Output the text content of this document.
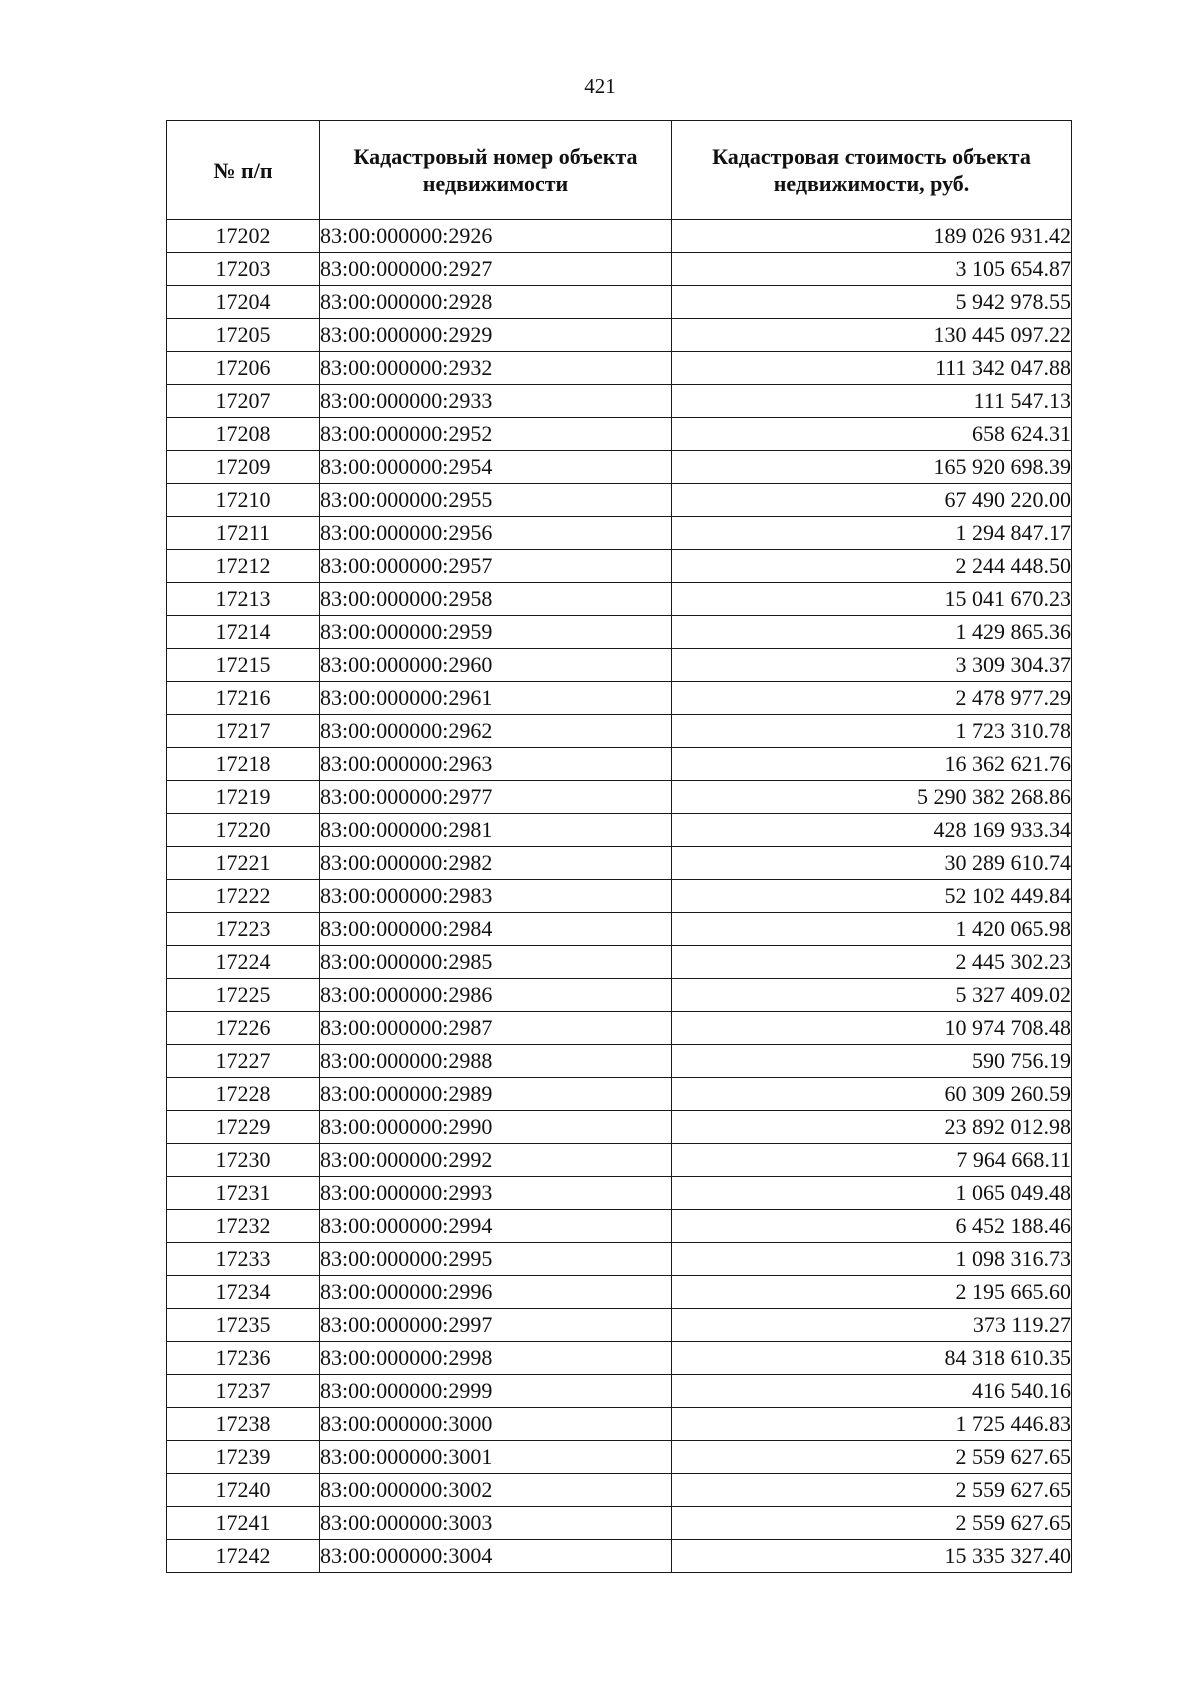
421
№ п/п	Кадастровый номер объекта недвижимости	Кадастровая стоимость объекта недвижимости, руб.
17202	83:00:000000:2926	189 026 931.42
17203	83:00:000000:2927	3 105 654.87
17204	83:00:000000:2928	5 942 978.55
17205	83:00:000000:2929	130 445 097.22
17206	83:00:000000:2932	111 342 047.88
17207	83:00:000000:2933	111 547.13
17208	83:00:000000:2952	658 624.31
17209	83:00:000000:2954	165 920 698.39
17210	83:00:000000:2955	67 490 220.00
17211	83:00:000000:2956	1 294 847.17
17212	83:00:000000:2957	2 244 448.50
17213	83:00:000000:2958	15 041 670.23
17214	83:00:000000:2959	1 429 865.36
17215	83:00:000000:2960	3 309 304.37
17216	83:00:000000:2961	2 478 977.29
17217	83:00:000000:2962	1 723 310.78
17218	83:00:000000:2963	16 362 621.76
17219	83:00:000000:2977	5 290 382 268.86
17220	83:00:000000:2981	428 169 933.34
17221	83:00:000000:2982	30 289 610.74
17222	83:00:000000:2983	52 102 449.84
17223	83:00:000000:2984	1 420 065.98
17224	83:00:000000:2985	2 445 302.23
17225	83:00:000000:2986	5 327 409.02
17226	83:00:000000:2987	10 974 708.48
17227	83:00:000000:2988	590 756.19
17228	83:00:000000:2989	60 309 260.59
17229	83:00:000000:2990	23 892 012.98
17230	83:00:000000:2992	7 964 668.11
17231	83:00:000000:2993	1 065 049.48
17232	83:00:000000:2994	6 452 188.46
17233	83:00:000000:2995	1 098 316.73
17234	83:00:000000:2996	2 195 665.60
17235	83:00:000000:2997	373 119.27
17236	83:00:000000:2998	84 318 610.35
17237	83:00:000000:2999	416 540.16
17238	83:00:000000:3000	1 725 446.83
17239	83:00:000000:3001	2 559 627.65
17240	83:00:000000:3002	2 559 627.65
17241	83:00:000000:3003	2 559 627.65
17242	83:00:000000:3004	15 335 327.40
